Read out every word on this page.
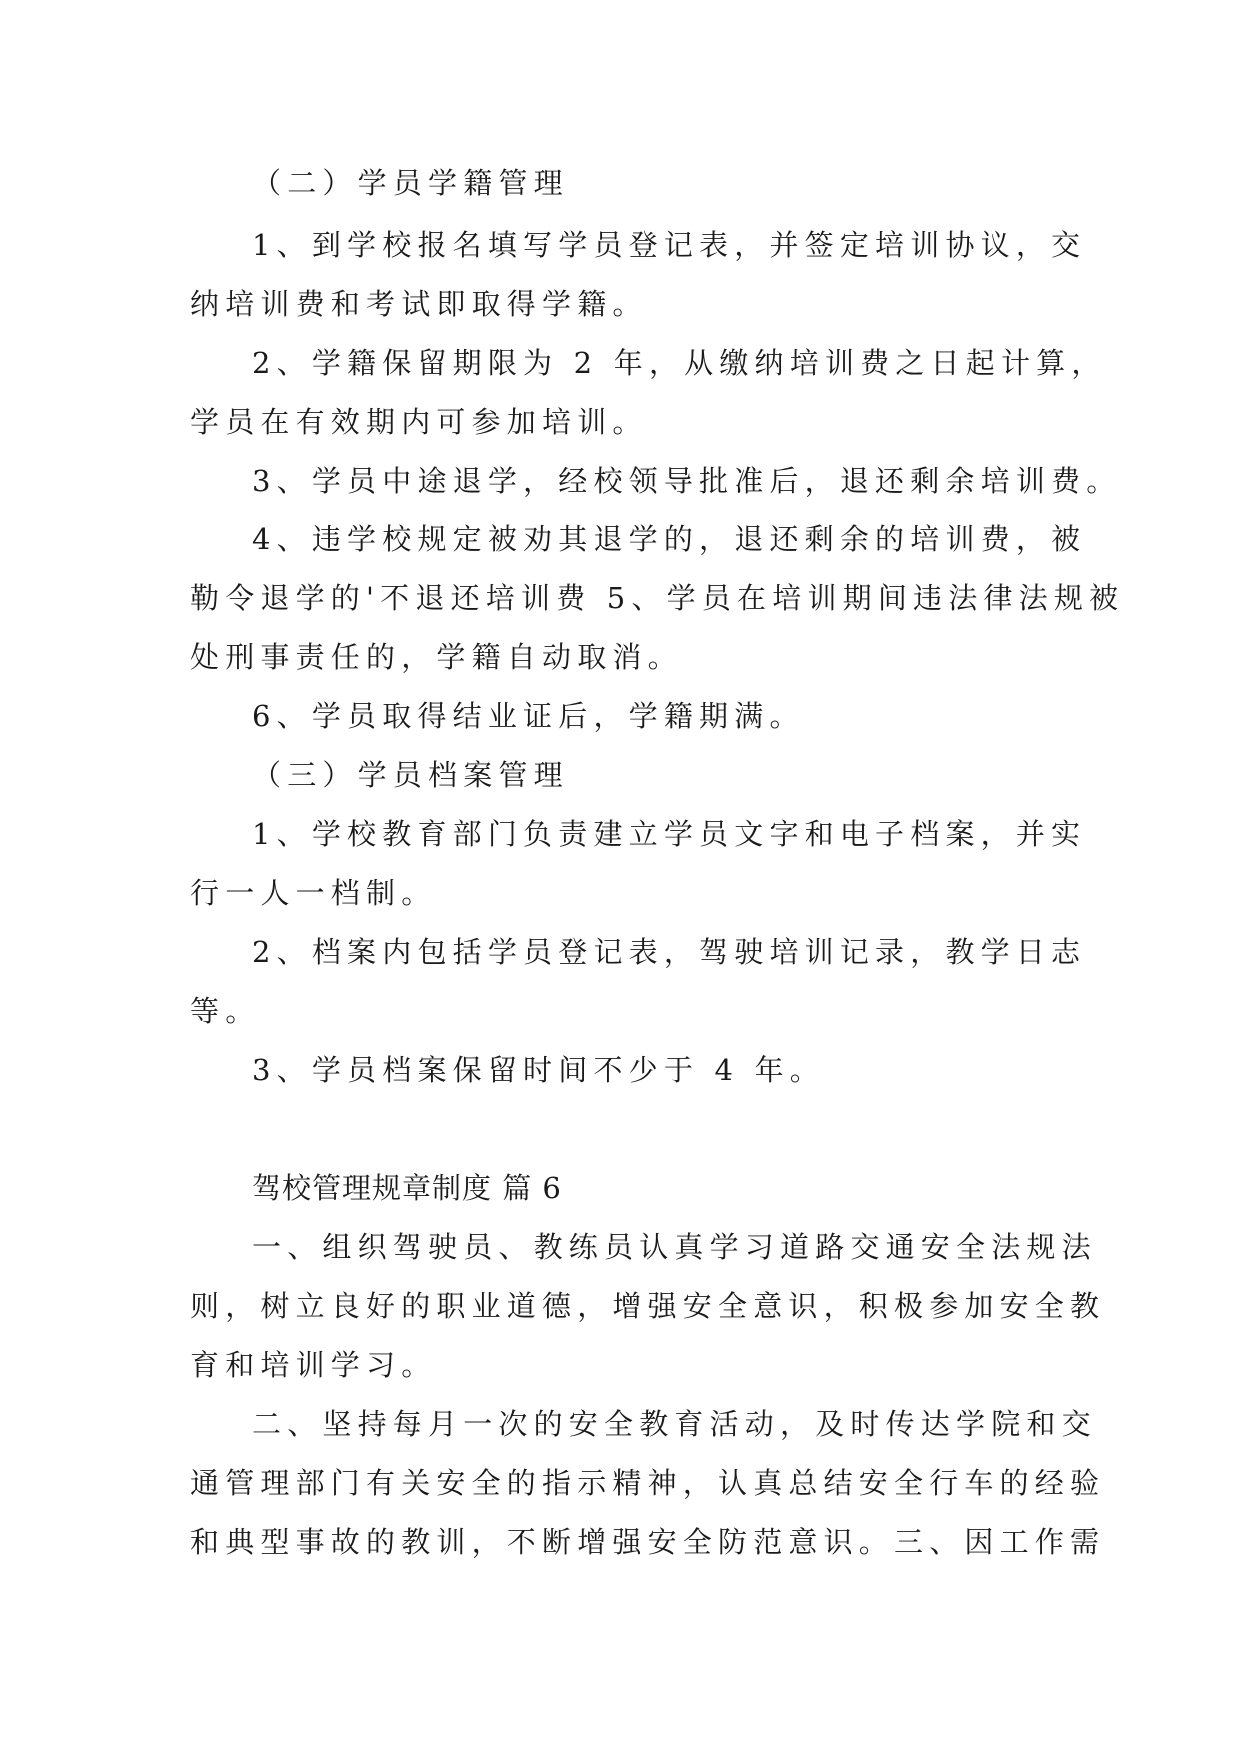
（二）学员学籍管理
1、到学校报名填写学员登记表，并签定培训协议，交
纳培训费和考试即取得学籍。
2、学籍保留期限为 2 年，从缴纳培训费之日起计算，
学员在有效期内可参加培训。
3、学员中途退学，经校领导批准后，退还剩余培训费。
4、违学校规定被劝其退学的，退还剩余的培训费，被
勒令退学的'不退还培训费 5、学员在培训期间违法律法规被
处刑事责任的，学籍自动取消。
6、学员取得结业证后，学籍期满。
（三）学员档案管理
1、学校教育部门负责建立学员文字和电子档案，并实
行一人一档制。
2、档案内包括学员登记表，驾驶培训记录，教学日志
等。
3、学员档案保留时间不少于 4 年。
驾校管理规章制度 篇 6
一、组织驾驶员、教练员认真学习道路交通安全法规法
则，树立良好的职业道德，增强安全意识，积极参加安全教
育和培训学习。
二、坚持每月一次的安全教育活动，及时传达学院和交
通管理部门有关安全的指示精神，认真总结安全行车的经验
和典型事故的教训，不断增强安全防范意识。三、因工作需
